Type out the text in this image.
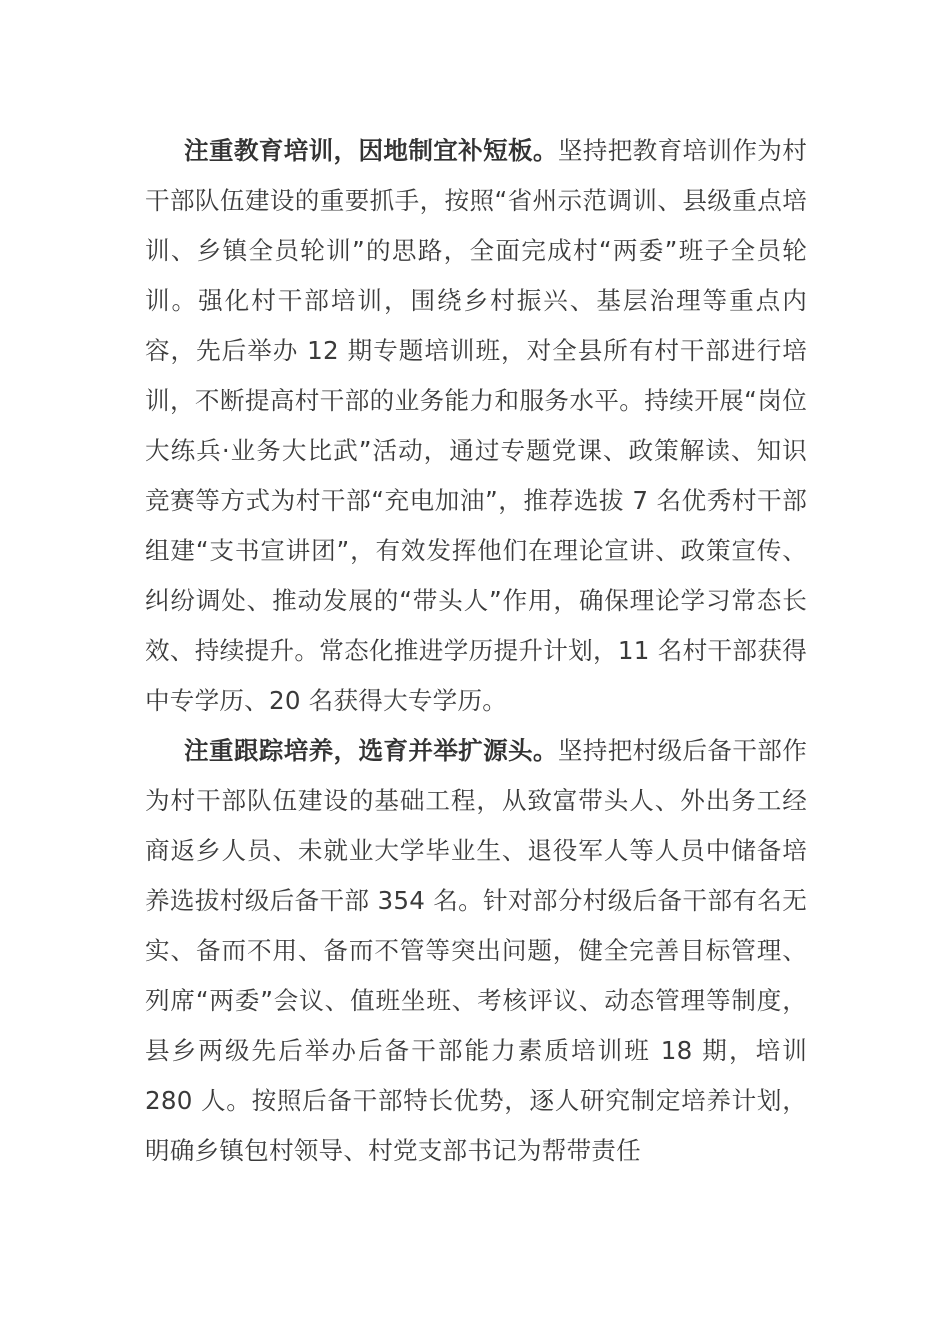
注重教育培训，因地制宜补短板。坚持把教育培训作为村干部队伍建设的重要抓手，按照“省州示范调训、县级重点培训、乡镇全员轮训”的思路，全面完成村“两委”班子全员轮训。强化村干部培训，围绕乡村振兴、基层治理等重点内容，先后举办 12 期专题培训班，对全县所有村干部进行培训，不断提高村干部的业务能力和服务水平。持续开展“岗位大练兵·业务大比武”活动，通过专题党课、政策解读、知识竞赛等方式为村干部“充电加油”，推荐选拔 7 名优秀村干部组建“支书宣讲团”，有效发挥他们在理论宣讲、政策宣传、纠纷调处、推动发展的“带头人”作用，确保理论学习常态长效、持续提升。常态化推进学历提升计划，11 名村干部获得中专学历、20 名获得大专学历。

注重跟踪培养，选育并举扩源头。坚持把村级后备干部作为村干部队伍建设的基础工程，从致富带头人、外出务工经商返乡人员、未就业大学毕业生、退役军人等人员中储备培养选拔村级后备干部 354 名。针对部分村级后备干部有名无实、备而不用、备而不管等突出问题，健全完善目标管理、列席“两委”会议、值班坐班、考核评议、动态管理等制度，县乡两级先后举办后备干部能力素质培训班 18 期，培训 280 人。按照后备干部特长优势，逐人研究制定培养计划，明确乡镇包村领导、村党支部书记为帮带责任
